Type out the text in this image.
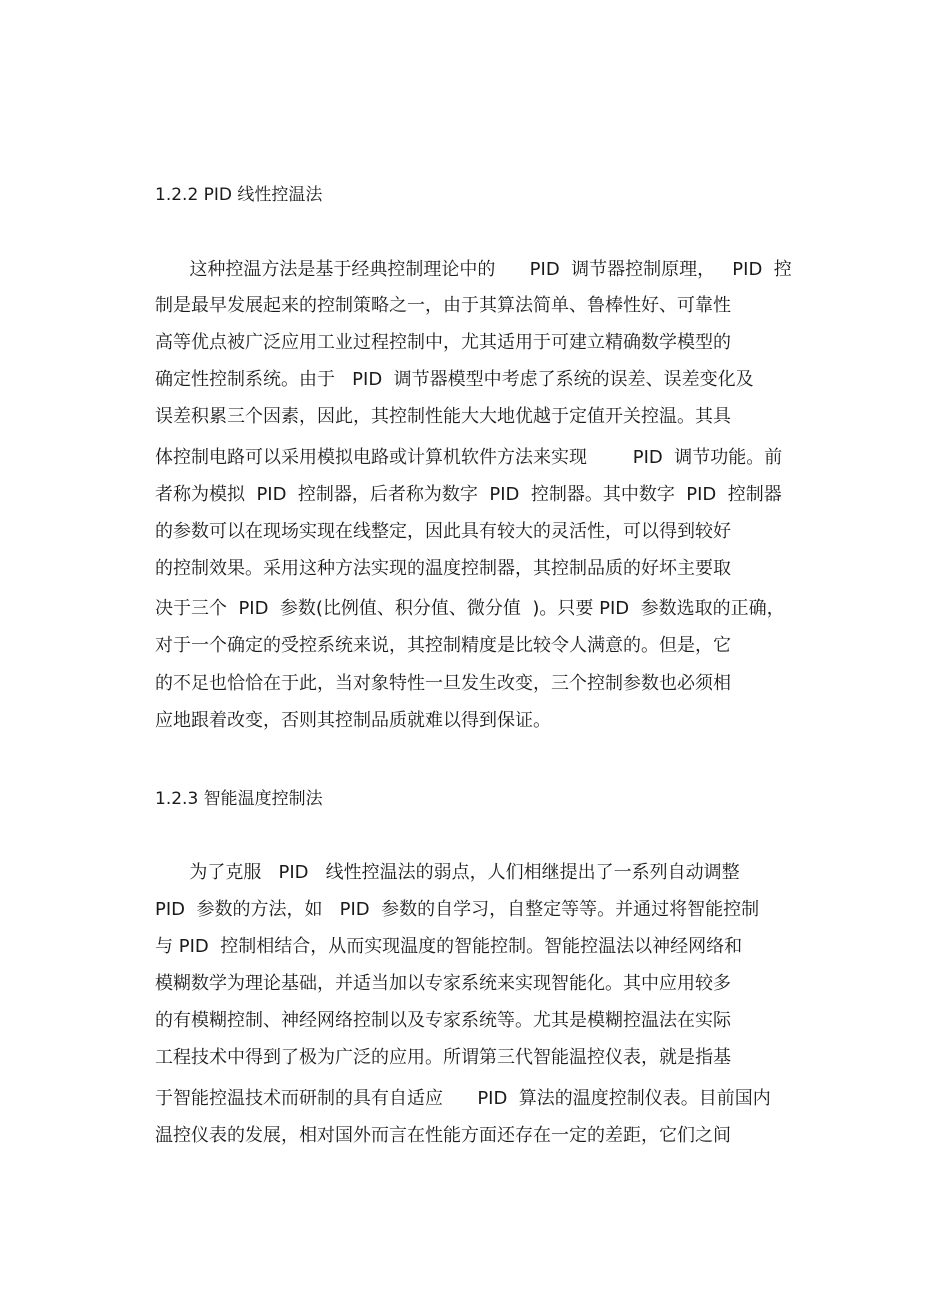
1.2.2 PID 线性控温法
这种控温方法是基于经典控制理论中的      PID  调节器控制原理，   PID  控
制是最早发展起来的控制策略之一，由于其算法简单、鲁棒性好、可靠性
高等优点被广泛应用工业过程控制中，尤其适用于可建立精确数学模型的
确定性控制系统。由于   PID  调节器模型中考虑了系统的误差、误差变化及
误差积累三个因素，因此，其控制性能大大地优越于定值开关控温。其具
体控制电路可以采用模拟电路或计算机软件方法来实现        PID  调节功能。前
者称为模拟  PID  控制器，后者称为数字  PID  控制器。其中数字  PID  控制器
的参数可以在现场实现在线整定，因此具有较大的灵活性，可以得到较好
的控制效果。采用这种方法实现的温度控制器，其控制品质的好坏主要取
决于三个  PID  参数(比例值、积分值、微分值  )。只要 PID  参数选取的正确，
对于一个确定的受控系统来说，其控制精度是比较令人满意的。但是，它
的不足也恰恰在于此，当对象特性一旦发生改变，三个控制参数也必须相
应地跟着改变，否则其控制品质就难以得到保证。
1.2.3 智能温度控制法
为了克服   PID   线性控温法的弱点，人们相继提出了一系列自动调整
PID  参数的方法，如   PID  参数的自学习，自整定等等。并通过将智能控制
与 PID  控制相结合，从而实现温度的智能控制。智能控温法以神经网络和
模糊数学为理论基础，并适当加以专家系统来实现智能化。其中应用较多
的有模糊控制、神经网络控制以及专家系统等。尤其是模糊控温法在实际
工程技术中得到了极为广泛的应用。所谓第三代智能温控仪表，就是指基
于智能控温技术而研制的具有自适应      PID  算法的温度控制仪表。目前国内
温控仪表的发展，相对国外而言在性能方面还存在一定的差距，它们之间
